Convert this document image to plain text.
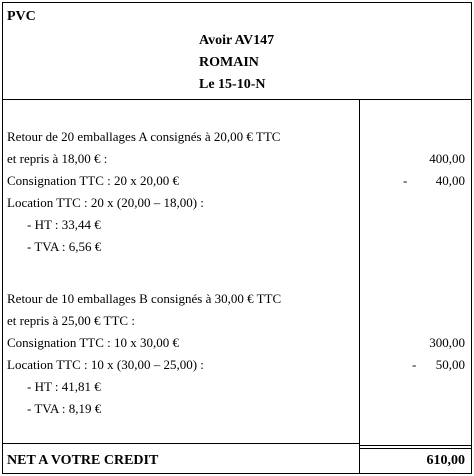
PVC
Avoir AV147
ROMAIN
Le 15-10-N
Retour de 20 emballages A consignés à 20,00 € TTC
et repris à 18,00 € :	400,00
Consignation TTC : 20 x 20,00 €	- 40,00
Location TTC : 20 x (20,00 – 18,00) :
- HT : 33,44 €
- TVA : 6,56 €
Retour de 10 emballages B consignés à 30,00 € TTC
et repris à 25,00 € TTC :
Consignation TTC : 10 x 30,00 €	300,00
Location TTC : 10 x (30,00 – 25,00) :	- 50,00
- HT : 41,81 €
- TVA : 8,19 €
NET A VOTRE CREDIT	610,00
